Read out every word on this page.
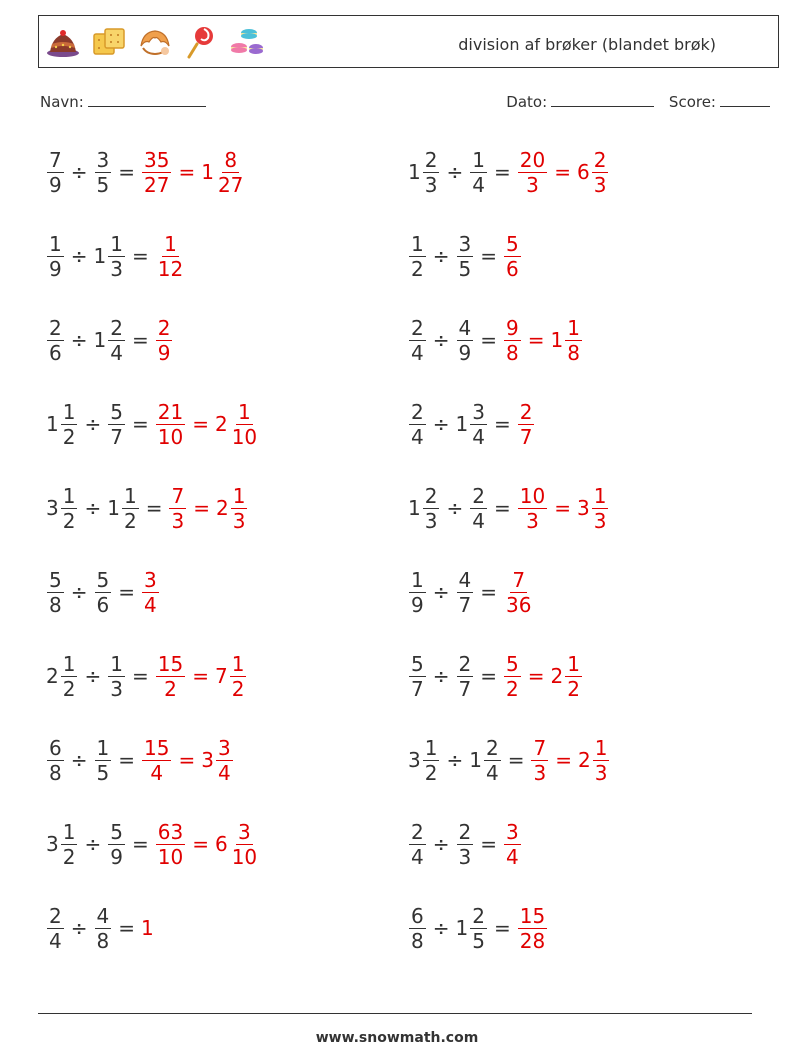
division af brøker (blandet brøk)
Navn:	Dato:	Score:
$\frac{7}{9} \div \frac{3}{5} = \frac{35}{27} = 1 \frac{8}{27}$	$1 \frac{2}{3} \div \frac{1}{4} = \frac{20}{3} = 6 \frac{2}{3}$
$\frac{1}{9} \div 1 \frac{1}{3} = \frac{1}{12}$	$\frac{1}{2} \div \frac{3}{5} = \frac{5}{6}$
$\frac{2}{6} \div 1 \frac{2}{4} = \frac{2}{9}$	$\frac{2}{4} \div \frac{4}{9} = \frac{9}{8} = 1 \frac{1}{8}$
$1 \frac{1}{2} \div \frac{5}{7} = \frac{21}{10} = 2 \frac{1}{10}$	$\frac{2}{4} \div 1 \frac{3}{4} = \frac{2}{7}$
$3 \frac{1}{2} \div 1 \frac{1}{2} = \frac{7}{3} = 2 \frac{1}{3}$	$1 \frac{2}{3} \div \frac{2}{4} = \frac{10}{3} = 3 \frac{1}{3}$
$\frac{5}{8} \div \frac{5}{6} = \frac{3}{4}$	$\frac{1}{9} \div \frac{4}{7} = \frac{7}{36}$
$2 \frac{1}{2} \div \frac{1}{3} = \frac{15}{2} = 7 \frac{1}{2}$	$\frac{5}{7} \div \frac{2}{7} = \frac{5}{2} = 2 \frac{1}{2}$
$\frac{6}{8} \div \frac{1}{5} = \frac{15}{4} = 3 \frac{3}{4}$	$3 \frac{1}{2} \div 1 \frac{2}{4} = \frac{7}{3} = 2 \frac{1}{3}$
$3 \frac{1}{2} \div \frac{5}{9} = \frac{63}{10} = 6 \frac{3}{10}$	$\frac{2}{4} \div \frac{2}{3} = \frac{3}{4}$
$\frac{2}{4} \div \frac{4}{8} = 1$	$\frac{6}{8} \div 1 \frac{2}{5} = \frac{15}{28}$
www.snowmath.com
